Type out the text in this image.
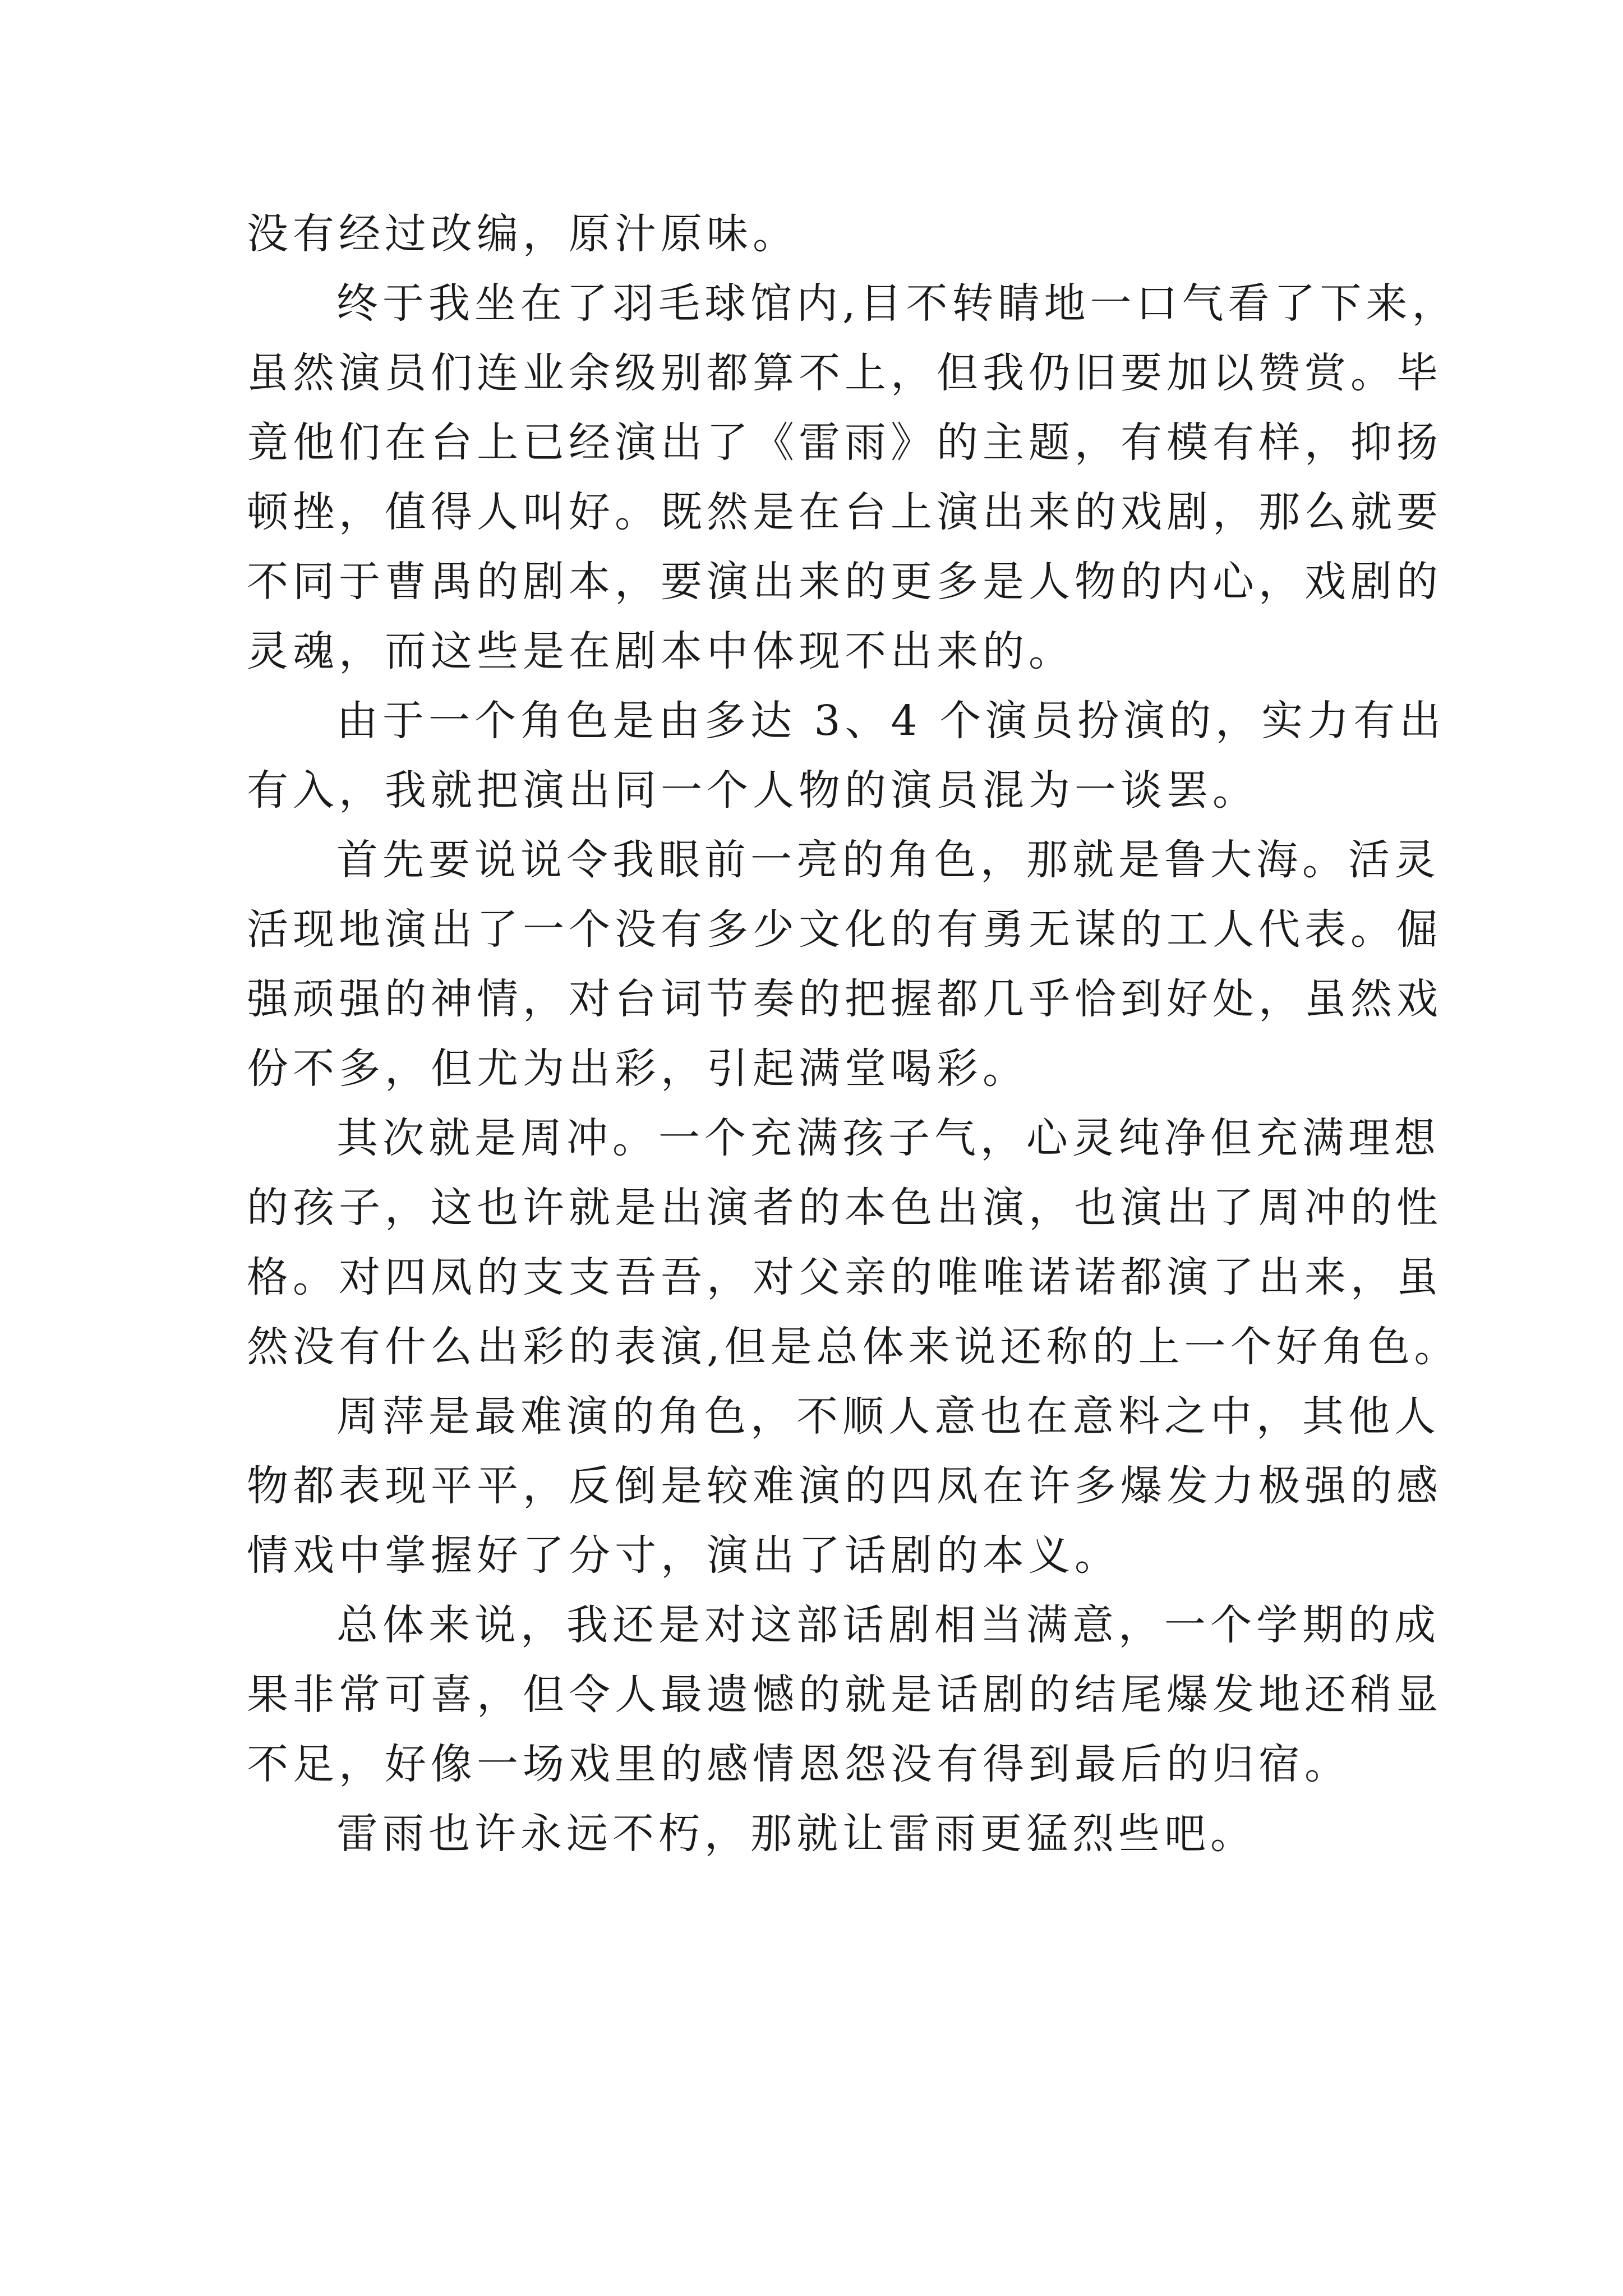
没有经过改编，原汁原味。
终于我坐在了羽毛球馆内,目不转睛地一口气看了下来，
虽然演员们连业余级别都算不上，但我仍旧要加以赞赏。毕
竟他们在台上已经演出了《雷雨》的主题，有模有样，抑扬
顿挫，值得人叫好。既然是在台上演出来的戏剧，那么就要
不同于曹禺的剧本，要演出来的更多是人物的内心，戏剧的
灵魂，而这些是在剧本中体现不出来的。
由于一个角色是由多达 3、4 个演员扮演的，实力有出
有入，我就把演出同一个人物的演员混为一谈罢。
首先要说说令我眼前一亮的角色，那就是鲁大海。活灵
活现地演出了一个没有多少文化的有勇无谋的工人代表。倔
强顽强的神情，对台词节奏的把握都几乎恰到好处，虽然戏
份不多，但尤为出彩，引起满堂喝彩。
其次就是周冲。一个充满孩子气，心灵纯净但充满理想
的孩子，这也许就是出演者的本色出演，也演出了周冲的性
格。对四凤的支支吾吾，对父亲的唯唯诺诺都演了出来，虽
然没有什么出彩的表演,但是总体来说还称的上一个好角色。
周萍是最难演的角色，不顺人意也在意料之中，其他人
物都表现平平，反倒是较难演的四凤在许多爆发力极强的感
情戏中掌握好了分寸，演出了话剧的本义。
总体来说，我还是对这部话剧相当满意，一个学期的成
果非常可喜，但令人最遗憾的就是话剧的结尾爆发地还稍显
不足，好像一场戏里的感情恩怨没有得到最后的归宿。
雷雨也许永远不朽，那就让雷雨更猛烈些吧。
